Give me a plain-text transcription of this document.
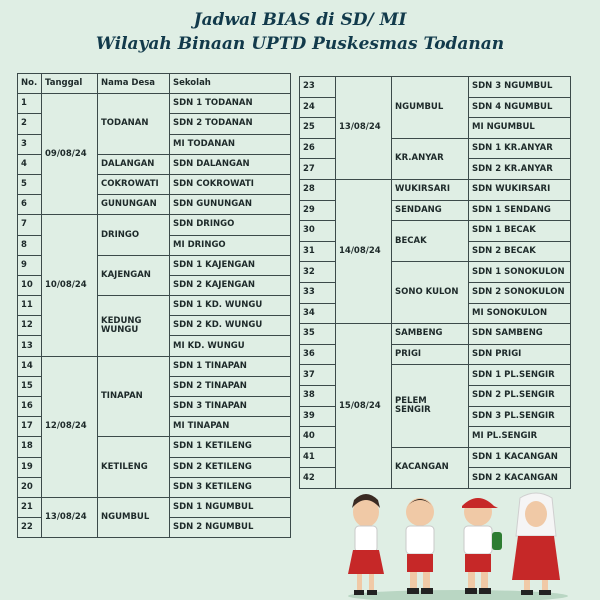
Jadwal BIAS di SD/ MI
Wilayah Binaan UPTD Puskesmas Todanan
No.	Tanggal	Nama Desa	Sekolah
1	09/08/24	TODANAN	SDN 1 TODANAN
2			SDN 2 TODANAN
3			MI TODANAN
4		DALANGAN	SDN DALANGAN
5		COKROWATI	SDN COKROWATI
6		GUNUNGAN	SDN GUNUNGAN
7	10/08/24	DRINGO	SDN DRINGO
8			MI DRINGO
9		KAJENGAN	SDN 1 KAJENGAN
10			SDN 2 KAJENGAN
11		KEDUNG WUNGU	SDN 1 KD. WUNGU
12			SDN 2 KD. WUNGU
13			MI KD. WUNGU
14	12/08/24	TINAPAN	SDN 1 TINAPAN
15			SDN 2 TINAPAN
16			SDN 3 TINAPAN
17			MI TINAPAN
18		KETILENG	SDN 1 KETILENG
19			SDN 2 KETILENG
20			SDN 3 KETILENG
21	13/08/24	NGUMBUL	SDN 1 NGUMBUL
22			SDN 2 NGUMBUL
23	13/08/24	NGUMBUL	SDN 3 NGUMBUL
24			SDN 4 NGUMBUL
25			MI NGUMBUL
26		KR.ANYAR	SDN 1 KR.ANYAR
27			SDN 2 KR.ANYAR
28	14/08/24	WUKIRSARI	SDN WUKIRSARI
29		SENDANG	SDN 1 SENDANG
30		BECAK	SDN 1 BECAK
31			SDN 2 BECAK
32		SONO KULON	SDN 1 SONOKULON
33			SDN 2 SONOKULON
34			MI SONOKULON
35	15/08/24	SAMBENG	SDN SAMBENG
36		PRIGI	SDN PRIGI
37		PELEM SENGIR	SDN 1 PL.SENGIR
38			SDN 2 PL.SENGIR
39			SDN 3 PL.SENGIR
40			MI PL.SENGIR
41		KACANGAN	SDN 1 KACANGAN
42			SDN 2 KACANGAN
